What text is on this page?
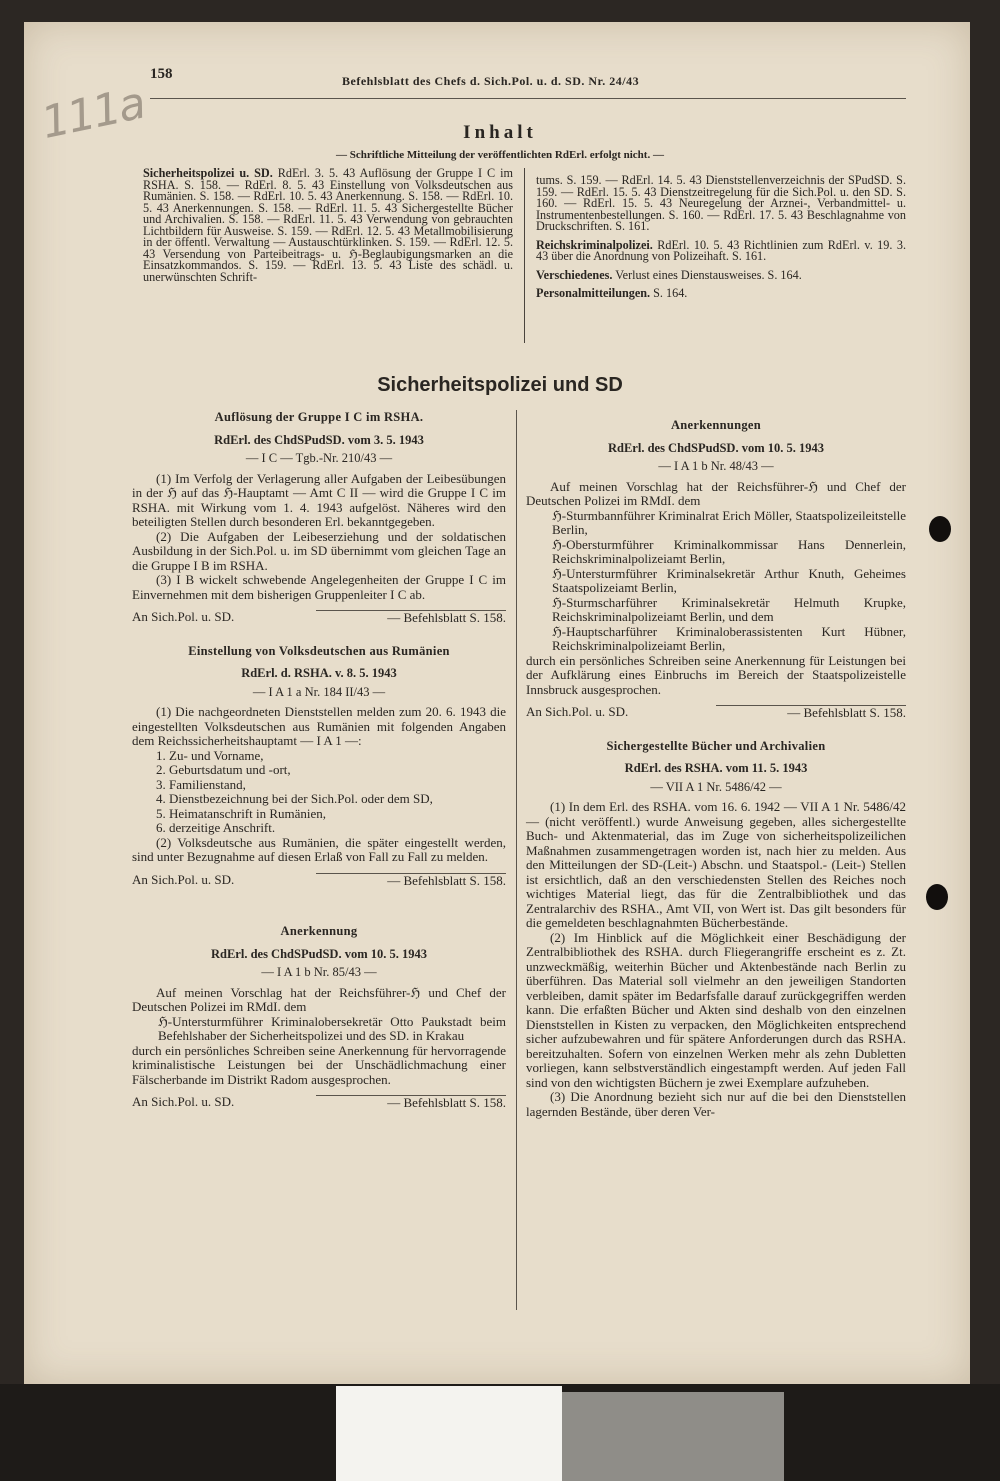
111a
158	Befehlsblatt des Chefs d. Sich.Pol. u. d. SD. Nr. 24/43
Inhalt
— Schriftliche Mitteilung der veröffentlichten RdErl. erfolgt nicht. —
Sicherheitspolizei u. SD. RdErl. 3. 5. 43 Auflösung der Gruppe I C im RSHA. S. 158. — RdErl. 8. 5. 43 Einstellung von Volksdeutschen aus Rumänien. S. 158. — RdErl. 10. 5. 43 Anerkennung. S. 158. — RdErl. 10. 5. 43 Anerkennungen. S. 158. — RdErl. 11. 5. 43 Sichergestellte Bücher und Archivalien. S. 158. — RdErl. 11. 5. 43 Verwendung von gebrauchten Lichtbildern für Ausweise. S. 159. — RdErl. 12. 5. 43 Metallmobilisierung in der öffentl. Verwaltung — Austauschtürklinken. S. 159. — RdErl. 12. 5. 43 Versendung von Parteibeitrags- u. ℌ-Beglaubigungsmarken an die Einsatzkommandos. S. 159. — RdErl. 13. 5. 43 Liste des schädl. u. unerwünschten Schrift-

tums. S. 159. — RdErl. 14. 5. 43 Dienststellenverzeichnis der SPudSD. S. 159. — RdErl. 15. 5. 43 Dienstzeitregelung für die Sich.Pol. u. den SD. S. 160. — RdErl. 15. 5. 43 Neuregelung der Arznei-, Verbandmittel- u. Instrumentenbestellungen. S. 160. — RdErl. 17. 5. 43 Beschlagnahme von Druckschriften. S. 161.

Reichskriminalpolizei. RdErl. 10. 5. 43 Richtlinien zum RdErl. v. 19. 3. 43 über die Anordnung von Polizeihaft. S. 161.

Verschiedenes. Verlust eines Dienstausweises. S. 164.

Personalmitteilungen. S. 164.

Sicherheitspolizei und SD
Auflösung der Gruppe I C im RSHA.
RdErl. des ChdSPudSD. vom 3. 5. 1943
— I C — Tgb.-Nr. 210/43 —

(1) Im Verfolg der Verlagerung aller Aufgaben der Leibesübungen in der ℌ auf das ℌ-Hauptamt — Amt C II — wird die Gruppe I C im RSHA. mit Wirkung vom 1. 4. 1943 aufgelöst. Näheres wird den beteiligten Stellen durch besonderen Erl. bekanntgegeben.

(2) Die Aufgaben der Leibeserziehung und der soldatischen Ausbildung in der Sich.Pol. u. im SD übernimmt vom gleichen Tage an die Gruppe I B im RSHA.

(3) I B wickelt schwebende Angelegenheiten der Gruppe I C im Einvernehmen mit dem bisherigen Gruppenleiter I C ab.

An Sich.Pol. u. SD.	— Befehlsblatt S. 158.
Einstellung von Volksdeutschen aus Rumänien
RdErl. d. RSHA. v. 8. 5. 1943
— I A 1 a Nr. 184 II/43 —

(1) Die nachgeordneten Dienststellen melden zum 20. 6. 1943 die eingestellten Volksdeutschen aus Rumänien mit folgenden Angaben dem Reichssicherheitshauptamt — I A 1 —:

1. Zu- und Vorname,
2. Geburtsdatum und -ort,
3. Familienstand,
4. Dienstbezeichnung bei der Sich.Pol. oder dem SD,
5. Heimatanschrift in Rumänien,
6. derzeitige Anschrift.

(2) Volksdeutsche aus Rumänien, die später eingestellt werden, sind unter Bezugnahme auf diesen Erlaß von Fall zu Fall zu melden.

An Sich.Pol. u. SD.	— Befehlsblatt S. 158.
Anerkennung
RdErl. des ChdSPudSD. vom 10. 5. 1943
— I A 1 b Nr. 85/43 —

Auf meinen Vorschlag hat der Reichsführer-ℌ und Chef der Deutschen Polizei im RMdI. dem

ℌ-Untersturmführer Kriminalobersekretär Otto Paukstadt beim Befehlshaber der Sicherheitspolizei und des SD. in Krakau

durch ein persönliches Schreiben seine Anerkennung für hervorragende kriminalistische Leistungen bei der Unschädlichmachung einer Fälscherbande im Distrikt Radom ausgesprochen.

An Sich.Pol. u. SD.	— Befehlsblatt S. 158.
Anerkennungen
RdErl. des ChdSPudSD. vom 10. 5. 1943
— I A 1 b Nr. 48/43 —

Auf meinen Vorschlag hat der Reichsführer-ℌ und Chef der Deutschen Polizei im RMdI. dem

ℌ-Sturmbannführer Kriminalrat Erich Möller, Staatspolizeileitstelle Berlin,

ℌ-Obersturmführer Kriminalkommissar Hans Dennerlein, Reichskriminalpolizeiamt Berlin,

ℌ-Untersturmführer Kriminalsekretär Arthur Knuth, Geheimes Staatspolizeiamt Berlin,

ℌ-Sturmscharführer Kriminalsekretär Helmuth Krupke, Reichskriminalpolizeiamt Berlin, und dem

ℌ-Hauptscharführer Kriminaloberassistenten Kurt Hübner, Reichskriminalpolizeiamt Berlin,

durch ein persönliches Schreiben seine Anerkennung für Leistungen bei der Aufklärung eines Einbruchs im Bereich der Staatspolizeistelle Innsbruck ausgesprochen.

An Sich.Pol. u. SD.	— Befehlsblatt S. 158.
Sichergestellte Bücher und Archivalien
RdErl. des RSHA. vom 11. 5. 1943
— VII A 1 Nr. 5486/42 —

(1) In dem Erl. des RSHA. vom 16. 6. 1942 — VII A 1 Nr. 5486/42 — (nicht veröffentl.) wurde Anweisung gegeben, alles sichergestellte Buch- und Aktenmaterial, das im Zuge von sicherheitspolizeilichen Maßnahmen zusammengetragen worden ist, nach hier zu melden. Aus den Mitteilungen der SD-(Leit-) Abschn. und Staatspol.- (Leit-) Stellen ist ersichtlich, daß an den verschiedensten Stellen des Reiches noch wichtiges Material liegt, das für die Zentralbibliothek und das Zentralarchiv des RSHA., Amt VII, von Wert ist. Das gilt besonders für die gemeldeten beschlagnahmten Bücherbestände.

(2) Im Hinblick auf die Möglichkeit einer Beschädigung der Zentralbibliothek des RSHA. durch Fliegerangriffe erscheint es z. Zt. unzweckmäßig, weiterhin Bücher und Aktenbestände nach Berlin zu überführen. Das Material soll vielmehr an den jeweiligen Standorten verbleiben, damit später im Bedarfsfalle darauf zurückgegriffen werden kann. Die erfaßten Bücher und Akten sind deshalb von den einzelnen Dienststellen in Kisten zu verpacken, den Möglichkeiten entsprechend sicher aufzubewahren und für spätere Anforderungen durch das RSHA. bereitzuhalten. Sofern von einzelnen Werken mehr als zehn Dubletten vorliegen, kann selbstverständlich eingestampft werden. Auf jeden Fall sind von den wichtigsten Büchern je zwei Exemplare aufzuheben.

(3) Die Anordnung bezieht sich nur auf die bei den Dienststellen lagernden Bestände, über deren Ver-
